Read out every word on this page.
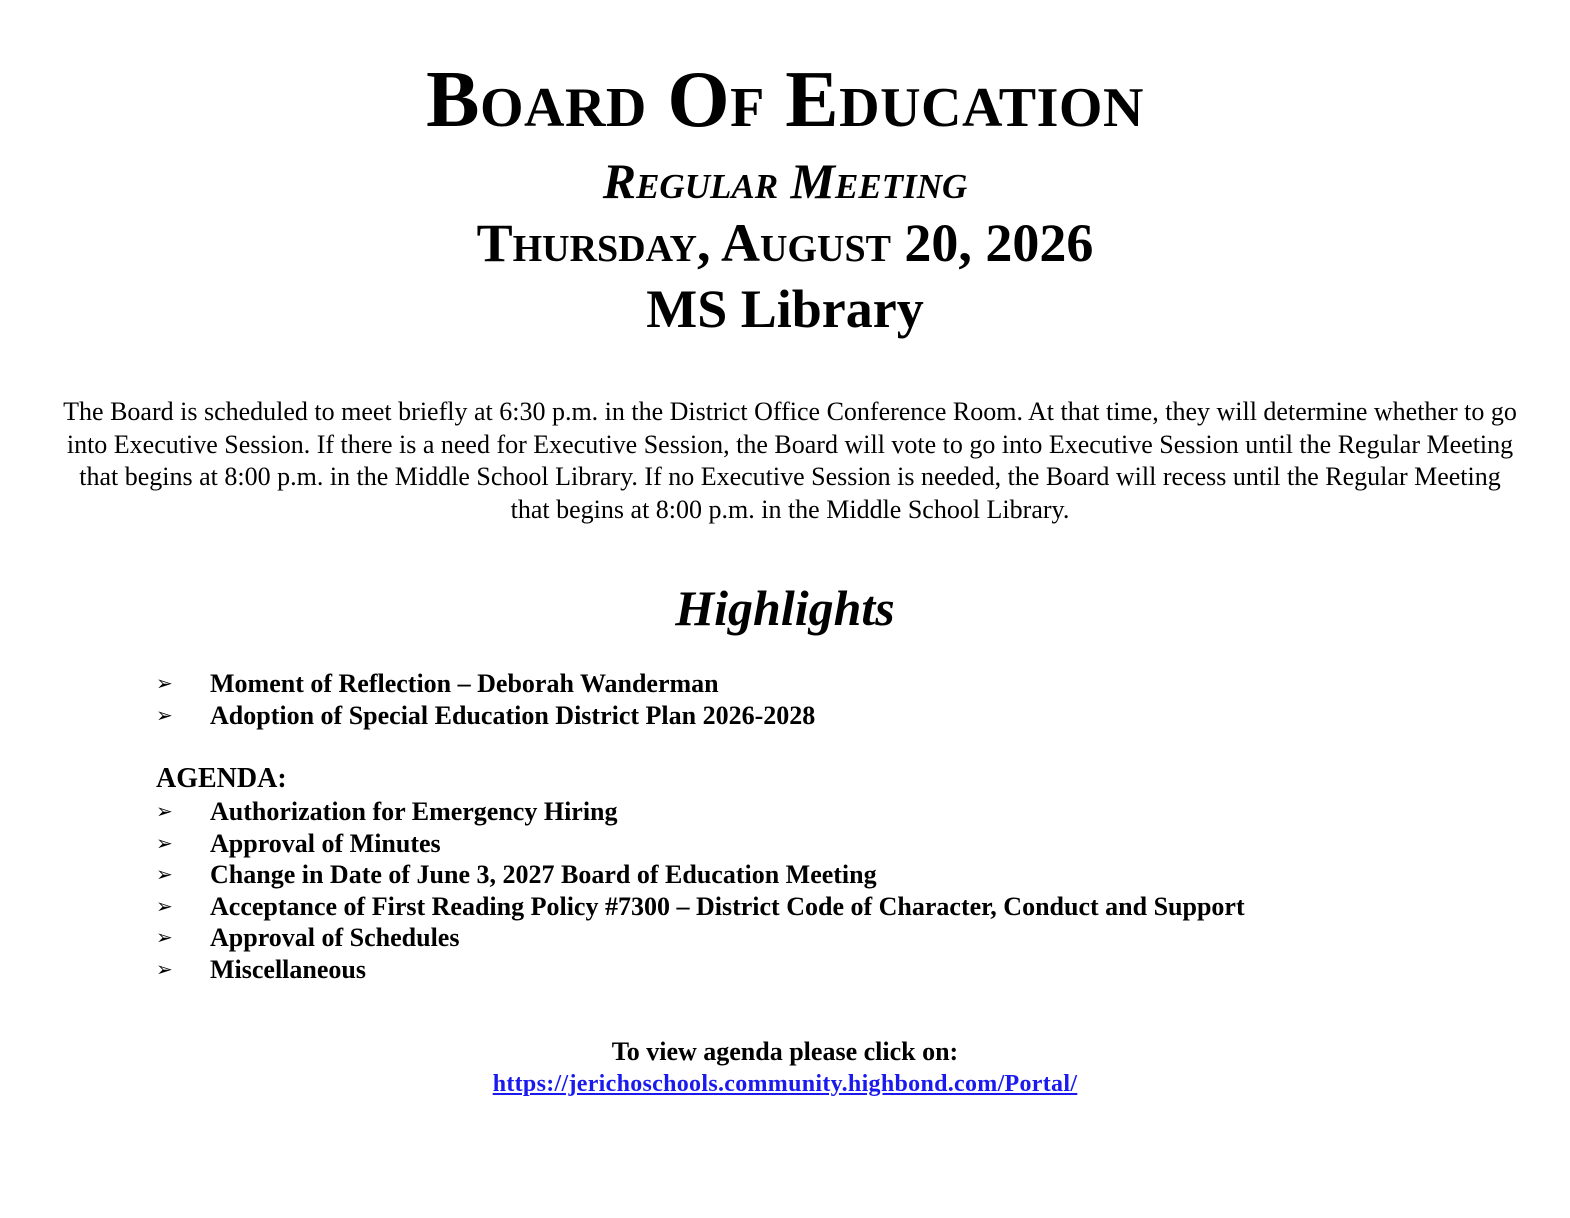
Board Of Education
Regular Meeting
Thursday, August 20, 2026
MS Library

The Board is scheduled to meet briefly at 6:30 p.m. in the District Office Conference Room. At that time, they will determine whether to go into Executive Session. If there is a need for Executive Session, the Board will vote to go into Executive Session until the Regular Meeting that begins at 8:00 p.m. in the Middle School Library. If no Executive Session is needed, the Board will recess until the Regular Meeting that begins at 8:00 p.m. in the Middle School Library.

Highlights
➢ Moment of Reflection – Deborah Wanderman
➢ Adoption of Special Education District Plan 2026-2028
AGENDA:
➢ Authorization for Emergency Hiring
➢ Approval of Minutes
➢ Change in Date of June 3, 2027 Board of Education Meeting
➢ Acceptance of First Reading Policy #7300 – District Code of Character, Conduct and Support
➢ Approval of Schedules
➢ Miscellaneous
To view agenda please click on:
https://jerichoschools.community.highbond.com/Portal/
